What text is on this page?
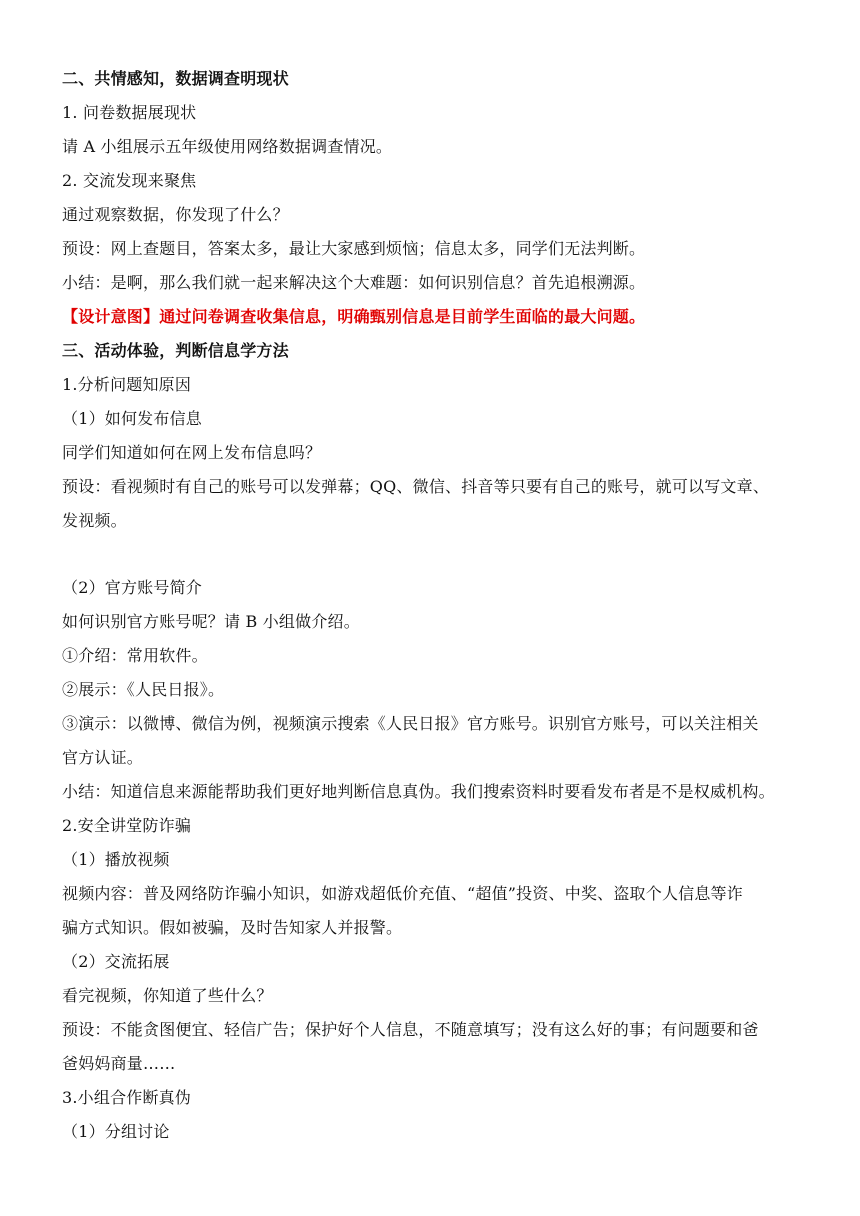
二、共情感知，数据调查明现状
1. 问卷数据展现状
请 A 小组展示五年级使用网络数据调查情况。
2. 交流发现来聚焦
通过观察数据，你发现了什么？
预设：网上查题目，答案太多，最让大家感到烦恼；信息太多，同学们无法判断。
小结：是啊，那么我们就一起来解决这个大难题：如何识别信息？首先追根溯源。
【设计意图】通过问卷调查收集信息，明确甄别信息是目前学生面临的最大问题。
三、活动体验，判断信息学方法
1.分析问题知原因
（1）如何发布信息
同学们知道如何在网上发布信息吗？
预设：看视频时有自己的账号可以发弹幕；QQ、微信、抖音等只要有自己的账号，就可以写文章、
发视频。
（2）官方账号简介
如何识别官方账号呢？请 B 小组做介绍。
①介绍：常用软件。
②展示：《人民日报》。
③演示：以微博、微信为例，视频演示搜索《人民日报》官方账号。识别官方账号，可以关注相关
官方认证。
小结：知道信息来源能帮助我们更好地判断信息真伪。我们搜索资料时要看发布者是不是权威机构。
2.安全讲堂防诈骗
（1）播放视频
视频内容：普及网络防诈骗小知识，如游戏超低价充值、“超值”投资、中奖、盗取个人信息等诈
骗方式知识。假如被骗，及时告知家人并报警。
（2）交流拓展
看完视频，你知道了些什么？
预设：不能贪图便宜、轻信广告；保护好个人信息，不随意填写；没有这么好的事；有问题要和爸
爸妈妈商量……
3.小组合作断真伪
（1）分组讨论
